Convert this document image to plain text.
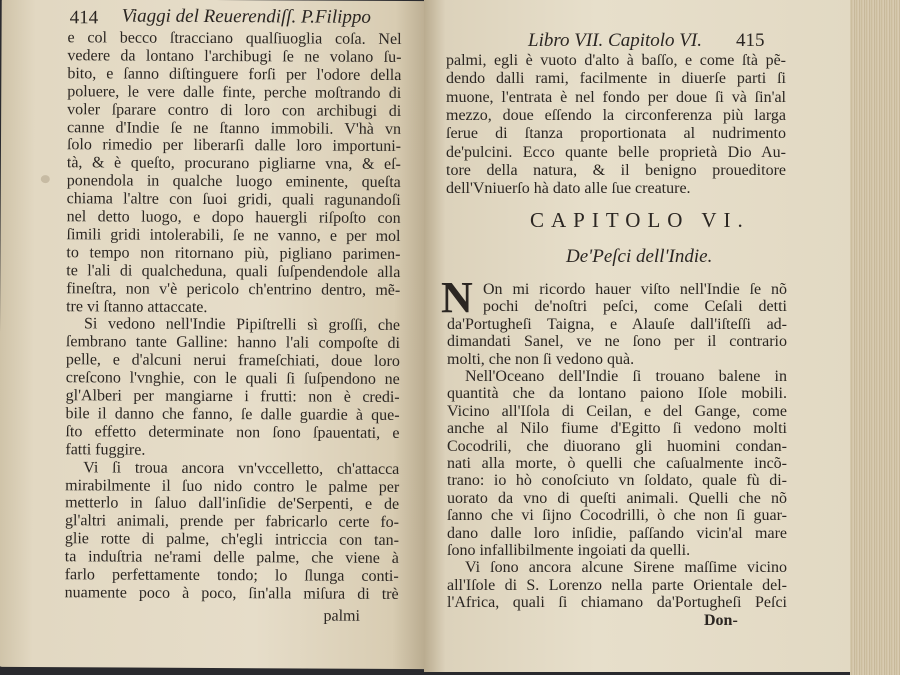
414 Viaggi del Reuerendiſſ. P.Filippo
e col becco ſtracciano qualſiuoglia coſa. Nel
vedere da lontano l'archibugi ſe ne volano ſu-
bito, e ſanno diſtinguere forſi per l'odore della
poluere, le vere dalle finte, perche moſtrando di
voler ſparare contro di loro con archibugi di
canne d'Indie ſe ne ſtanno immobili. V'hà vn
ſolo rimedio per liberarſi dalle loro importuni-
tà, & è queſto, procurano pigliarne vna, & eſ-
ponendola in qualche luogo eminente, queſta
chiama l'altre con ſuoi gridi, quali ragunandoſi
nel detto luogo, e dopo hauergli riſpoſto con
ſimili gridi intolerabili, ſe ne vanno, e per mol
to tempo non ritornano più, pigliano parimen-
te l'ali di qualcheduna, quali ſuſpendendole alla
fineſtra, non v'è pericolo ch'entrino dentro, mẽ-
tre vi ſtanno attaccate.
Si vedono nell'Indie Pipiſtrelli sì groſſi, che
ſembrano tante Galline: hanno l'ali compoſte di
pelle, e d'alcuni nerui frameſchiati, doue loro
creſcono l'vnghie, con le quali ſi ſuſpendono ne
gl'Alberi per mangiarne i frutti: non è credi-
bile il danno che fanno, ſe dalle guardie à que-
ſto effetto determinate non ſono ſpauentati, e
fatti fuggire.
Vi ſi troua ancora vn'vccelletto, ch'attacca
mirabilmente il ſuo nido contro le palme per
metterlo in ſaluo dall'inſidie de'Serpenti, e de
gl'altri animali, prende per fabricarlo certe fo-
glie rotte di palme, ch'egli intriccia con tan-
ta induſtria ne'rami delle palme, che viene à
farlo perfettamente tondo; lo ſlunga conti-
nuamente poco à poco, ſin'alla miſura di trè
palmi
Libro VII. Capitolo VI. 415
palmi, egli è vuoto d'alto à baſſo, e come ſtà pẽ-
dendo dalli rami, facilmente in diuerſe parti ſi
muone, l'entrata è nel fondo per doue ſi và ſin'al
mezzo, doue eſſendo la circonferenza più larga
ſerue di ſtanza proportionata al nudrimento
de'pulcini. Ecco quante belle proprietà Dio Au-
tore della natura, & il benigno proueditore
dell'Vniuerſo hà dato alle ſue creature.
Don-
CAPITOLO VI.
De'Peſci dell'Indie.
N On mi ricordo hauer viſto nell'Indie ſe nõ
pochi de'noſtri peſci, come Ceſali detti
da'Portugheſi Taigna, e Alauſe dall'iſteſſi ad-
dimandati Sanel, ve ne ſono per il contrario
molti, che non ſi vedono quà.
Nell'Oceano dell'Indie ſi trouano balene in
quantità che da lontano paiono Iſole mobili.
Vicino all'Iſola di Ceilan, e del Gange, come
anche al Nilo fiume d'Egitto ſi vedono molti
Cocodrili, che diuorano gli huomini condan-
nati alla morte, ò quelli che caſualmente incõ-
trano: io hò conoſciuto vn ſoldato, quale fù di-
uorato da vno di queſti animali. Quelli che nõ
ſanno che vi ſijno Cocodrilli, ò che non ſi guar-
dano dalle loro inſidie, paſſando vicin'al mare
ſono infallibilmente ingoiati da quelli.
Vi ſono ancora alcune Sirene maſſime vicino
all'Iſole di S. Lorenzo nella parte Orientale del-
l'Africa, quali ſi chiamano da'Portugheſi Peſci
